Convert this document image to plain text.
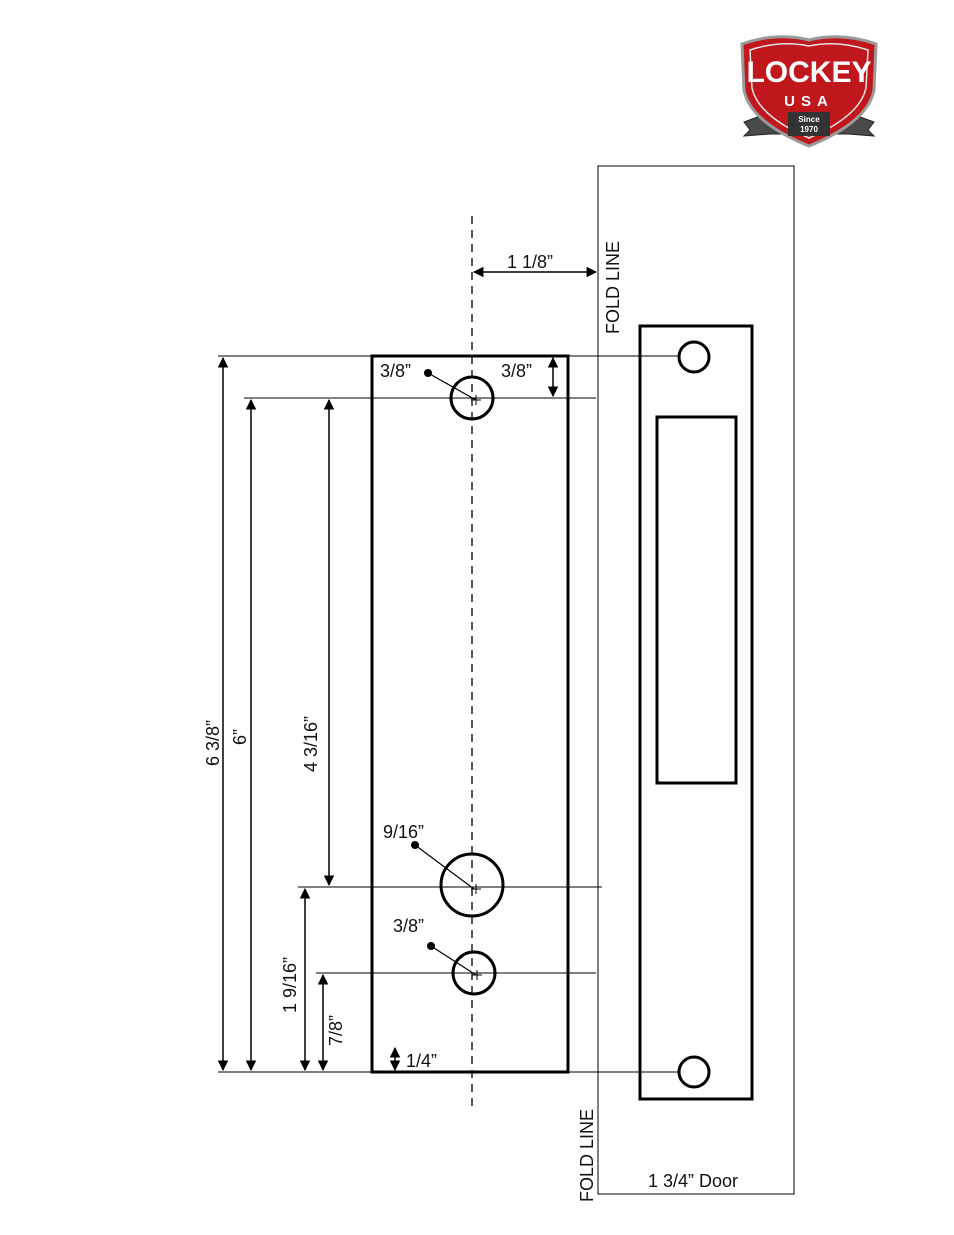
LOCKEY
USA
Since
1970
FOLD LINE
FOLD LINE	1 3/4” Door
1 1/8”
3/8”	3/8”
9/16”
3/8”
1/4”
6 3/8” 6”	4 3/16”
1 9/16”
7/8”
